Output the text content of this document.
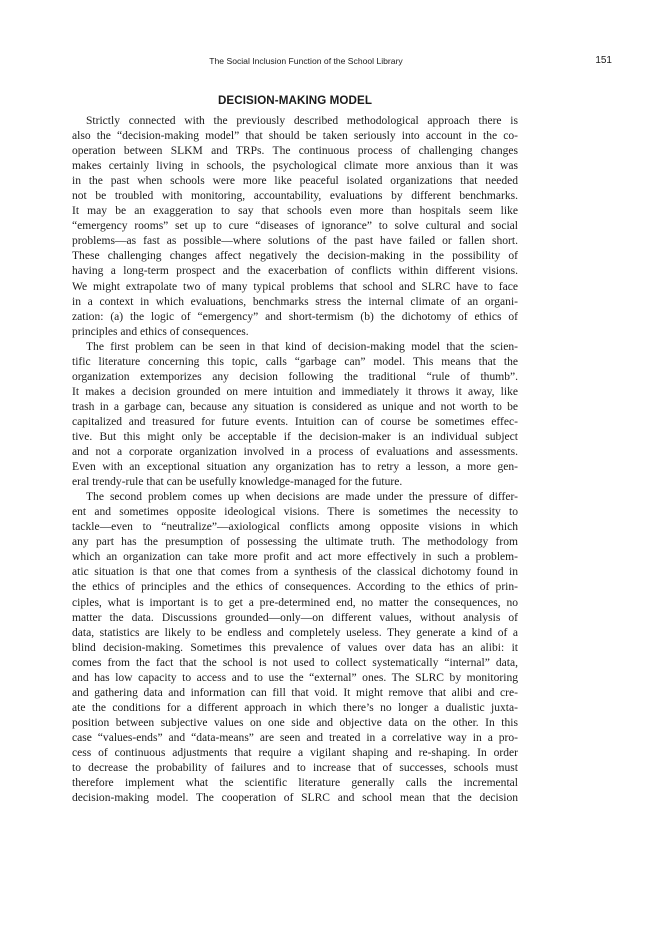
The Social Inclusion Function of the School Library	151
DECISION-MAKING MODEL
Strictly connected with the previously described methodological approach there is
also the “decision-making model” that should be taken seriously into account in the co-
operation between SLKM and TRPs. The continuous process of challenging changes
makes certainly living in schools, the psychological climate more anxious than it was
in the past when schools were more like peaceful isolated organizations that needed
not be troubled with monitoring, accountability, evaluations by different benchmarks.
It may be an exaggeration to say that schools even more than hospitals seem like
“emergency rooms” set up to cure “diseases of ignorance” to solve cultural and social
problems—as fast as possible—where solutions of the past have failed or fallen short.
These challenging changes affect negatively the decision-making in the possibility of
having a long-term prospect and the exacerbation of conflicts within different visions.
We might extrapolate two of many typical problems that school and SLRC have to face
in a context in which evaluations, benchmarks stress the internal climate of an organi-
zation: (a) the logic of “emergency” and short-termism (b) the dichotomy of ethics of
principles and ethics of consequences.
The first problem can be seen in that kind of decision-making model that the scien-
tific literature concerning this topic, calls “garbage can” model. This means that the
organization extemporizes any decision following the traditional “rule of thumb”.
It makes a decision grounded on mere intuition and immediately it throws it away, like
trash in a garbage can, because any situation is considered as unique and not worth to be
capitalized and treasured for future events. Intuition can of course be sometimes effec-
tive. But this might only be acceptable if the decision-maker is an individual subject
and not a corporate organization involved in a process of evaluations and assessments.
Even with an exceptional situation any organization has to retry a lesson, a more gen-
eral trendy-rule that can be usefully knowledge-managed for the future.
The second problem comes up when decisions are made under the pressure of differ-
ent and sometimes opposite ideological visions. There is sometimes the necessity to
tackle—even to “neutralize”—axiological conflicts among opposite visions in which
any part has the presumption of possessing the ultimate truth. The methodology from
which an organization can take more profit and act more effectively in such a problem-
atic situation is that one that comes from a synthesis of the classical dichotomy found in
the ethics of principles and the ethics of consequences. According to the ethics of prin-
ciples, what is important is to get a pre-determined end, no matter the consequences, no
matter the data. Discussions grounded—only—on different values, without analysis of
data, statistics are likely to be endless and completely useless. They generate a kind of a
blind decision-making. Sometimes this prevalence of values over data has an alibi: it
comes from the fact that the school is not used to collect systematically “internal” data,
and has low capacity to access and to use the “external” ones. The SLRC by monitoring
and gathering data and information can fill that void. It might remove that alibi and cre-
ate the conditions for a different approach in which there’s no longer a dualistic juxta-
position between subjective values on one side and objective data on the other. In this
case “values-ends” and “data-means” are seen and treated in a correlative way in a pro-
cess of continuous adjustments that require a vigilant shaping and re-shaping. In order
to decrease the probability of failures and to increase that of successes, schools must
therefore implement what the scientific literature generally calls the incremental
decision-making model. The cooperation of SLRC and school mean that the decision
